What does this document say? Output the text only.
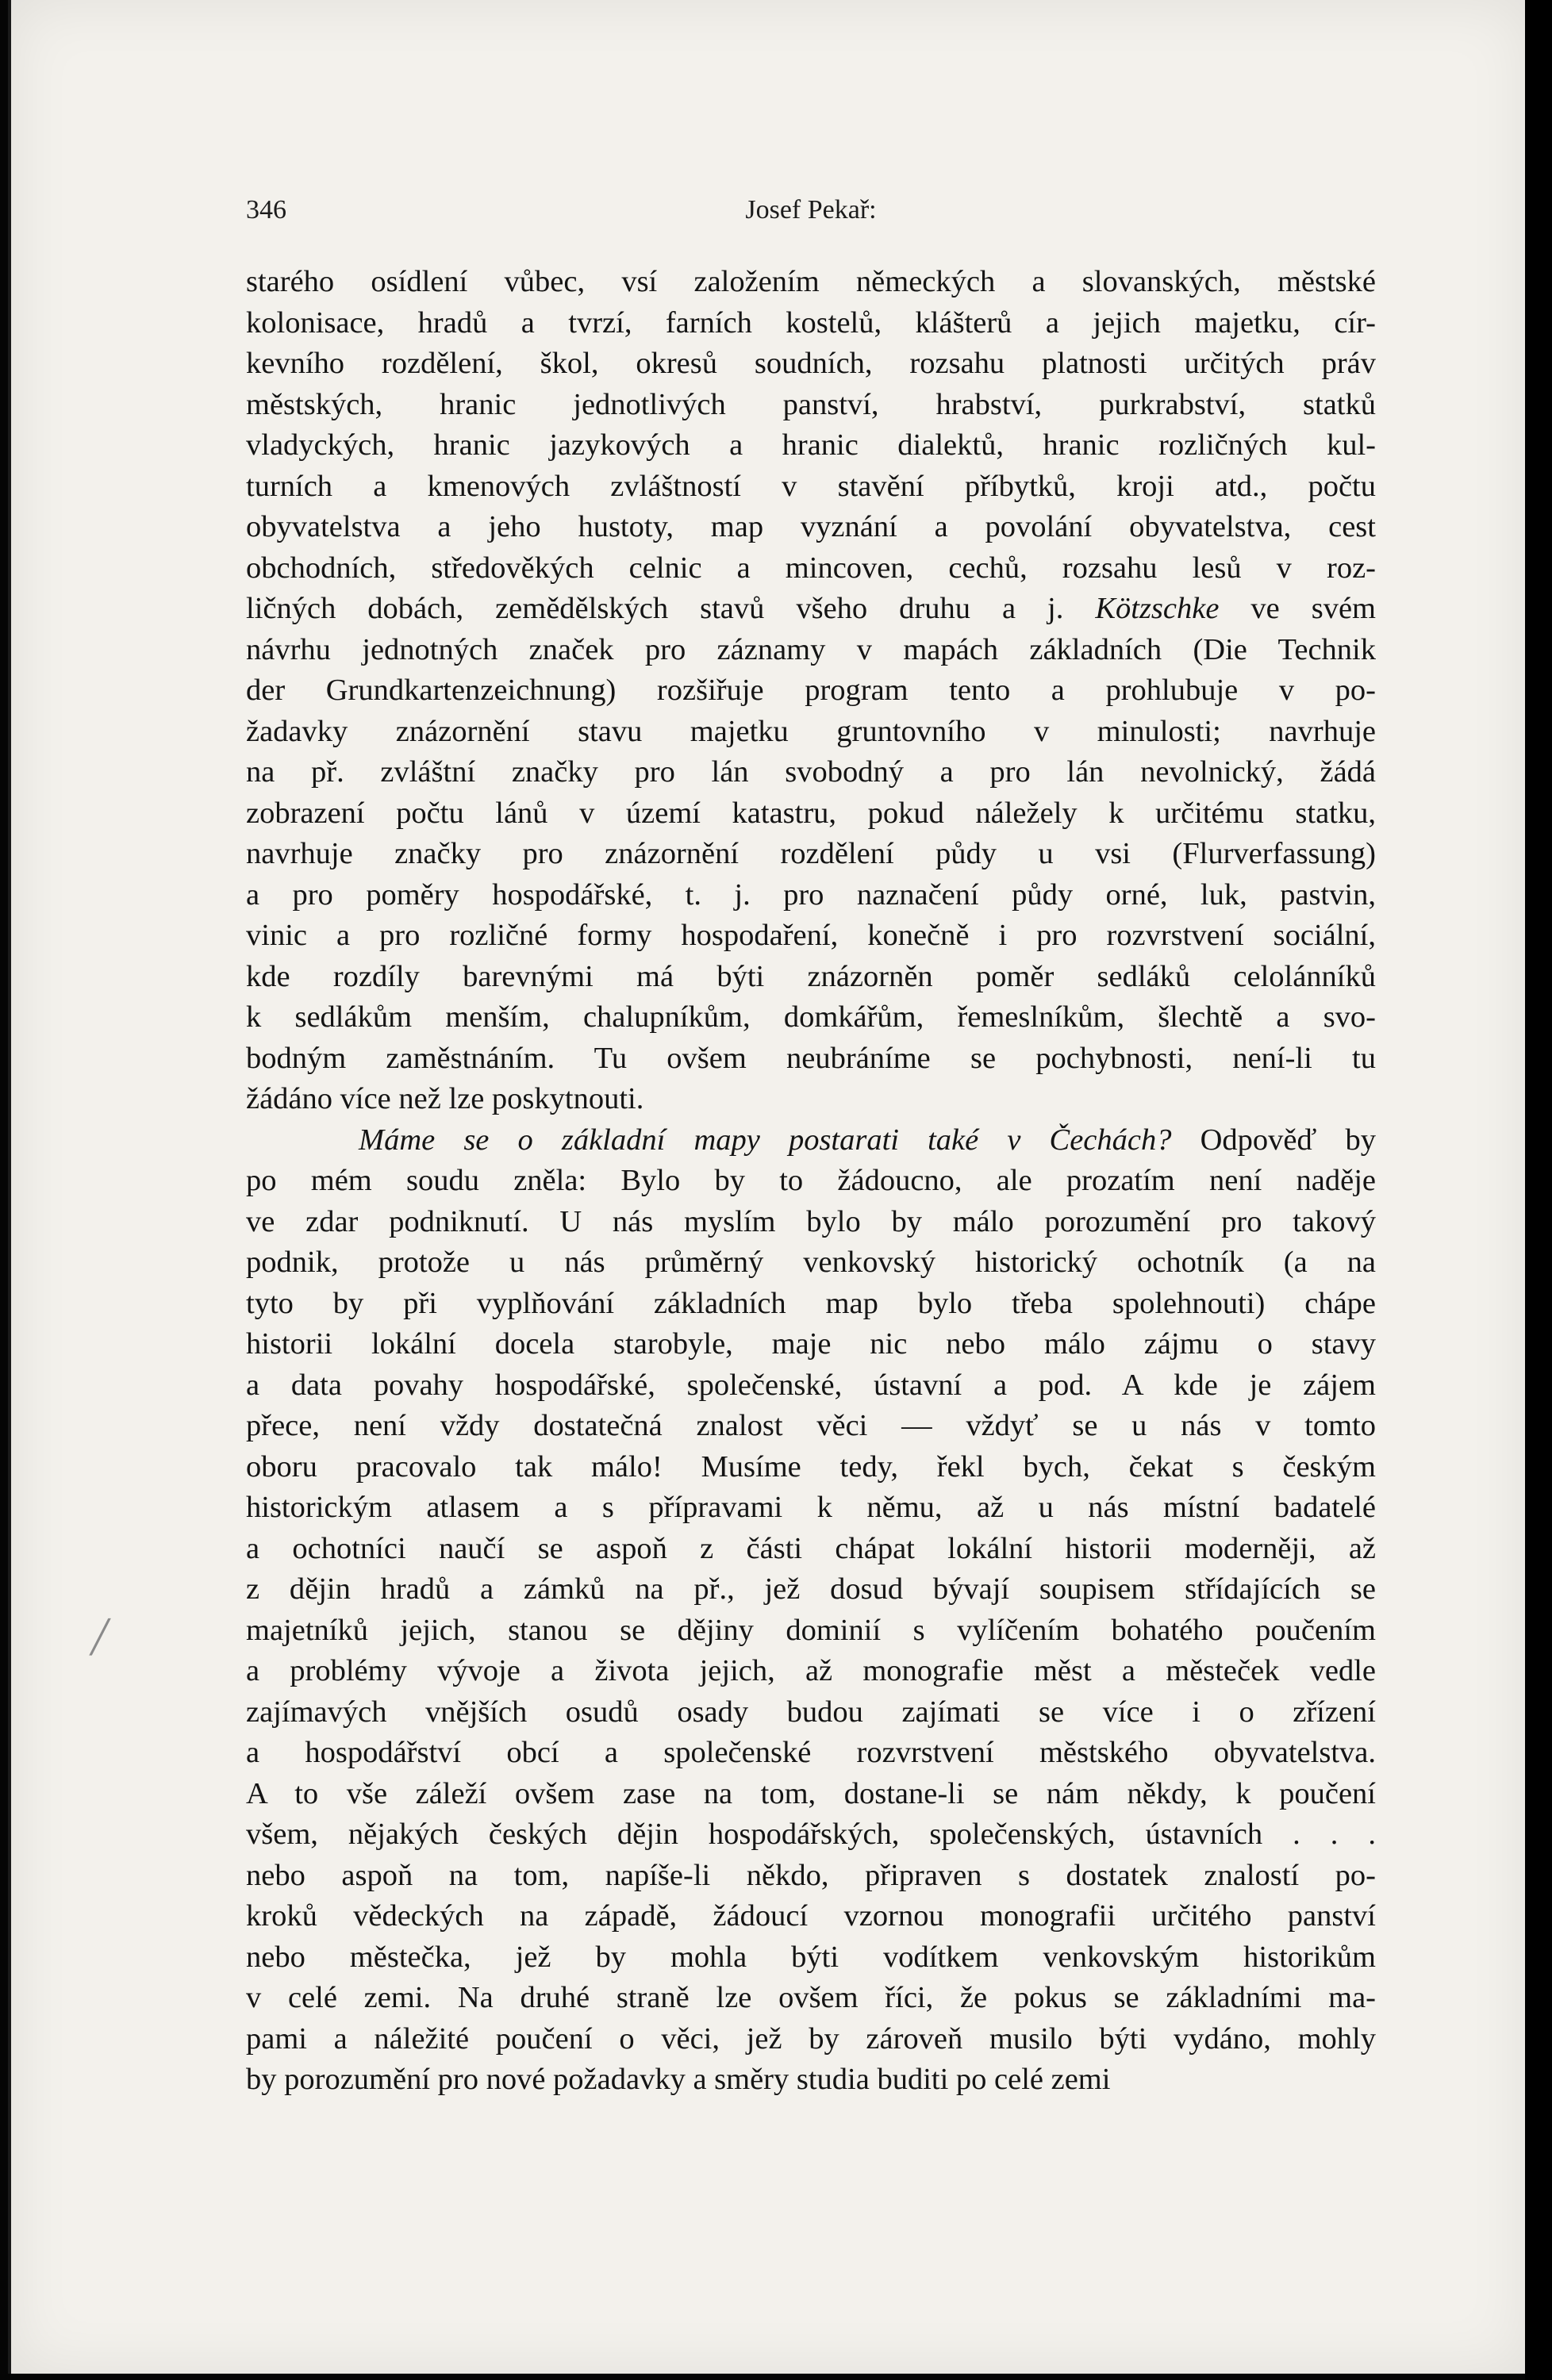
346	Josef Pekař:
starého osídlení vůbec, vsí založením německých a slovanských, městské
kolonisace, hradů a tvrzí, farních kostelů, klášterů a jejich majetku, cír-
kevního rozdělení, škol, okresů soudních, rozsahu platnosti určitých práv
městských, hranic jednotlivých panství, hrabství, purkrabství, statků
vladyckých, hranic jazykových a hranic dialektů, hranic rozličných kul-
turních a kmenových zvláštností v stavění příbytků, kroji atd., počtu
obyvatelstva a jeho hustoty, map vyznání a povolání obyvatelstva, cest
obchodních, středověkých celnic a mincoven, cechů, rozsahu lesů v roz-
ličných dobách, zemědělských stavů všeho druhu a j. Kötzschke ve svém
návrhu jednotných značek pro záznamy v mapách základních (Die Technik
der Grundkartenzeichnung) rozšiřuje program tento a prohlubuje v po-
žadavky znázornění stavu majetku gruntovního v minulosti; navrhuje
na př. zvláštní značky pro lán svobodný a pro lán nevolnický, žádá
zobrazení počtu lánů v území katastru, pokud náležely k určitému statku,
navrhuje značky pro znázornění rozdělení půdy u vsi (Flurverfassung)
a pro poměry hospodářské, t. j. pro naznačení půdy orné, luk, pastvin,
vinic a pro rozličné formy hospodaření, konečně i pro rozvrstvení sociální,
kde rozdíly barevnými má býti znázorněn poměr sedláků celolánníků
k sedlákům menším, chalupníkům, domkářům, řemeslníkům, šlechtě a svo-
bodným zaměstnáním. Tu ovšem neubráníme se pochybnosti, není-li tu
žádáno více než lze poskytnouti.
Máme se o základní mapy postarati také v Čechách? Odpověď by
po mém soudu zněla: Bylo by to žádoucno, ale prozatím není naděje
ve zdar podniknutí. U nás myslím bylo by málo porozumění pro takový
podnik, protože u nás průměrný venkovský historický ochotník (a na
tyto by při vyplňování základních map bylo třeba spolehnouti) chápe
historii lokální docela starobyle, maje nic nebo málo zájmu o stavy
a data povahy hospodářské, společenské, ústavní a pod. A kde je zájem
přece, není vždy dostatečná znalost věci — vždyť se u nás v tomto
oboru pracovalo tak málo! Musíme tedy, řekl bych, čekat s českým
historickým atlasem a s přípravami k němu, až u nás místní badatelé
a ochotníci naučí se aspoň z části chápat lokální historii moderněji, až
z dějin hradů a zámků na př., jež dosud bývají soupisem střídajících se
majetníků jejich, stanou se dějiny dominií s vylíčením bohatého poučením
a problémy vývoje a života jejich, až monografie měst a městeček vedle
zajímavých vnějších osudů osady budou zajímati se více i o zřízení
a hospodářství obcí a společenské rozvrstvení městského obyvatelstva.
A to vše záleží ovšem zase na tom, dostane-li se nám někdy, k poučení
všem, nějakých českých dějin hospodářských, společenských, ústavních . . .
nebo aspoň na tom, napíše-li někdo, připraven s dostatek znalostí po-
kroků vědeckých na západě, žádoucí vzornou monografii určitého panství
nebo městečka, jež by mohla býti vodítkem venkovským historikům
v celé zemi. Na druhé straně lze ovšem říci, že pokus se základními ma-
pami a náležité poučení o věci, jež by zároveň musilo býti vydáno, mohly
by porozumění pro nové požadavky a směry studia buditi po celé zemi
╱
